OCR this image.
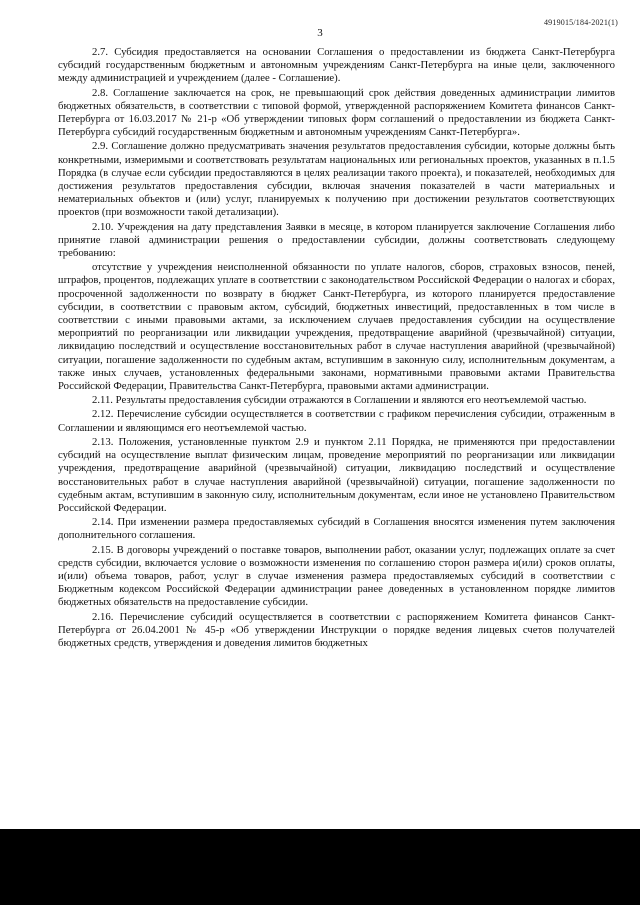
4919015/184-2021(1)
3

2.7. Субсидия предоставляется на основании Соглашения о предоставлении из бюджета Санкт-Петербурга субсидий государственным бюджетным и автономным учреждениям Санкт-Петербурга на иные цели, заключенного между администрацией и учреждением (далее - Соглашение).

2.8. Соглашение заключается на срок, не превышающий срок действия доведенных администрации лимитов бюджетных обязательств, в соответствии с типовой формой, утвержденной распоряжением Комитета финансов Санкт-Петербурга от 16.03.2017 № 21-р «Об утверждении типовых форм соглашений о предоставлении из бюджета Санкт-Петербурга субсидий государственным бюджетным и автономным учреждениям Санкт-Петербурга».

2.9. Соглашение должно предусматривать значения результатов предоставления субсидии, которые должны быть конкретными, измеримыми и соответствовать результатам национальных или региональных проектов, указанных в п.1.5 Порядка (в случае если субсидии предоставляются в целях реализации такого проекта), и показателей, необходимых для достижения результатов предоставления субсидии, включая значения показателей в части материальных и нематериальных объектов и (или) услуг, планируемых к получению при достижении результатов соответствующих проектов (при возможности такой детализации).

2.10. Учреждения на дату представления Заявки в месяце, в котором планируется заключение Соглашения либо принятие главой администрации решения о предоставлении субсидии, должны соответствовать следующему требованию:

отсутствие у учреждения неисполненной обязанности по уплате налогов, сборов, страховых взносов, пеней, штрафов, процентов, подлежащих уплате в соответствии с законодательством Российской Федерации о налогах и сборах, просроченной задолженности по возврату в бюджет Санкт-Петербурга, из которого планируется предоставление субсидии, в соответствии с правовым актом, субсидий, бюджетных инвестиций, предоставленных в том числе в соответствии с иными правовыми актами, за исключением случаев предоставления субсидии на осуществление мероприятий по реорганизации или ликвидации учреждения, предотвращение аварийной (чрезвычайной) ситуации, ликвидацию последствий и осуществление восстановительных работ в случае наступления аварийной (чрезвычайной) ситуации, погашение задолженности по судебным актам, вступившим в законную силу, исполнительным документам, а также иных случаев, установленных федеральными законами, нормативными правовыми актами Правительства Российской Федерации, Правительства Санкт-Петербурга, правовыми актами администрации.

2.11. Результаты предоставления субсидии отражаются в Соглашении и являются его неотъемлемой частью.

2.12. Перечисление субсидии осуществляется в соответствии с графиком перечисления субсидии, отраженным в Соглашении и являющимся его неотъемлемой частью.

2.13. Положения, установленные пунктом 2.9 и пунктом 2.11 Порядка, не применяются при предоставлении субсидий на осуществление выплат физическим лицам, проведение мероприятий по реорганизации или ликвидации учреждения, предотвращение аварийной (чрезвычайной) ситуации, ликвидацию последствий и осуществление восстановительных работ в случае наступления аварийной (чрезвычайной) ситуации, погашение задолженности по судебным актам, вступившим в законную силу, исполнительным документам, если иное не установлено Правительством Российской Федерации.

2.14. При изменении размера предоставляемых субсидий в Соглашения вносятся изменения путем заключения дополнительного соглашения.

2.15. В договоры учреждений о поставке товаров, выполнении работ, оказании услуг, подлежащих оплате за счет средств субсидии, включается условие о возможности изменения по соглашению сторон размера и(или) сроков оплаты, и(или) объема товаров, работ, услуг в случае изменения размера предоставляемых субсидий в соответствии с Бюджетным кодексом Российской Федерации администрации ранее доведенных в установленном порядке лимитов бюджетных обязательств на предоставление субсидии.

2.16. Перечисление субсидий осуществляется в соответствии с распоряжением Комитета финансов Санкт-Петербурга от 26.04.2001 № 45-р «Об утверждении Инструкции о порядке ведения лицевых счетов получателей бюджетных средств, утверждения и доведения лимитов бюджетных
